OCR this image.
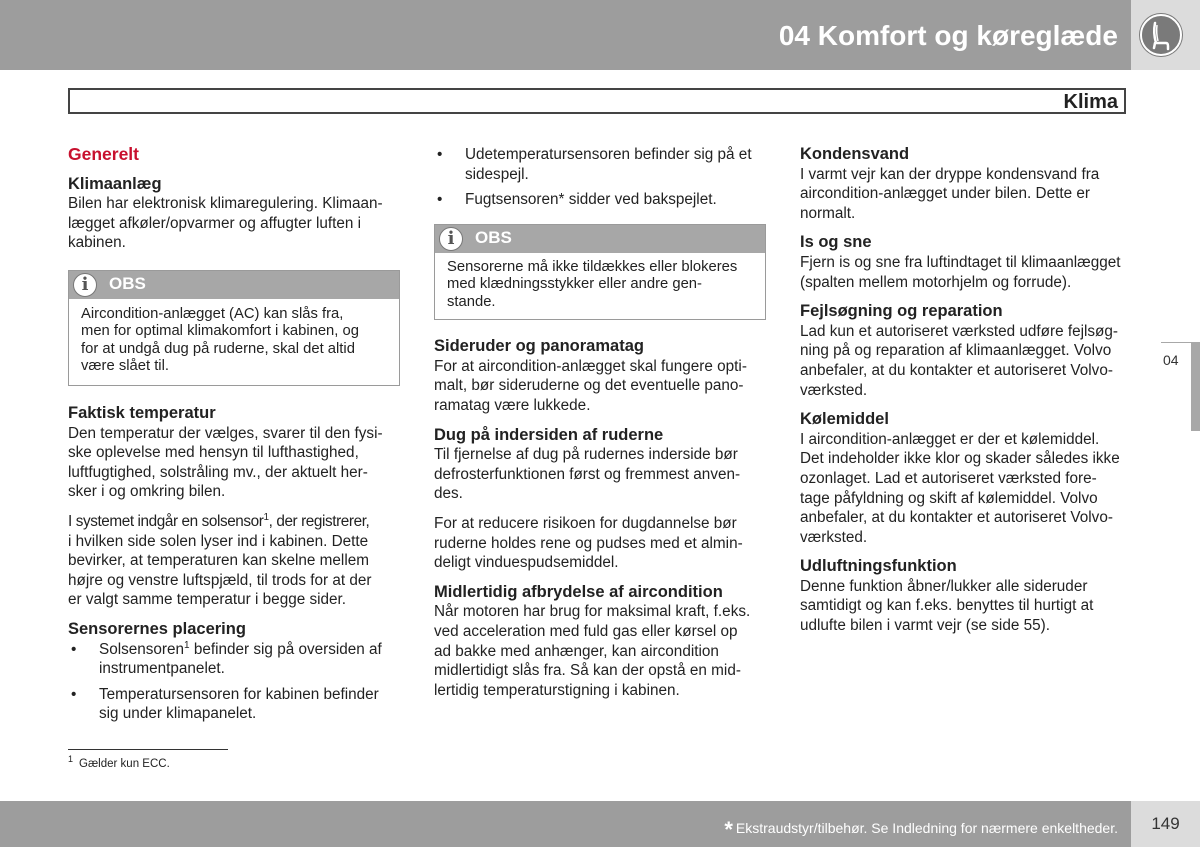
04 Komfort og køreglæde
Klima

Generelt

Klimaanlæg

Bilen har elektronisk klimaregulering. Klimaan-

lægget afkøler/opvarmer og affugter luften i

kabinen.

i	OBS

Aircondition-anlægget (AC) kan slås fra,

men for optimal klimakomfort i kabinen, og

for at undgå dug på ruderne, skal det altid

være slået til.

Faktisk temperatur

Den temperatur der vælges, svarer til den fysi-

ske oplevelse med hensyn til lufthastighed,

luftfugtighed, solstråling mv., der aktuelt her-

sker i og omkring bilen.

I systemet indgår en solsensor$^1$, der registrerer,

i hvilken side solen lyser ind i kabinen. Dette

bevirker, at temperaturen kan skelne mellem

højre og venstre luftspjæld, til trods for at der

er valgt samme temperatur i begge sider.

Sensorernes placering

•	Solsensoren$^1$ befinder sig på oversiden af

instrumentpanelet.

•	Temperatursensoren for kabinen befinder

sig under klimapanelet.

•	Udetemperatursensoren befinder sig på et

sidespejl.

•	Fugtsensoren* sidder ved bakspejlet.

i	OBS

Sensorerne må ikke tildækkes eller blokeres

med klædningsstykker eller andre gen-

stande.

Sideruder og panoramatag

For at aircondition-anlægget skal fungere opti-

malt, bør sideruderne og det eventuelle pano-

ramatag være lukkede.

Dug på indersiden af ruderne

Til fjernelse af dug på rudernes inderside bør

defrosterfunktionen først og fremmest anven-

des.

For at reducere risikoen for dugdannelse bør

ruderne holdes rene og pudses med et almin-

deligt vinduespudsemiddel.

Midlertidig afbrydelse af aircondition

Når motoren har brug for maksimal kraft, f.eks.

ved acceleration med fuld gas eller kørsel op

ad bakke med anhænger, kan aircondition

midlertidigt slås fra. Så kan der opstå en mid-

lertidig temperaturstigning i kabinen.

Kondensvand

I varmt vejr kan der dryppe kondensvand fra

aircondition-anlægget under bilen. Dette er

normalt.

Is og sne

Fjern is og sne fra luftindtaget til klimaanlægget

(spalten mellem motorhjelm og forrude).

Fejlsøgning og reparation

Lad kun et autoriseret værksted udføre fejlsøg-

ning på og reparation af klimaanlægget. Volvo

anbefaler, at du kontakter et autoriseret Volvo-

værksted.

Kølemiddel

I aircondition-anlægget er der et kølemiddel.

Det indeholder ikke klor og skader således ikke

ozonlaget. Lad et autoriseret værksted fore-

tage påfyldning og skift af kølemiddel. Volvo

anbefaler, at du kontakter et autoriseret Volvo-

værksted.

Udluftningsfunktion

Denne funktion åbner/lukker alle sideruder

samtidigt og kan f.eks. benyttes til hurtigt at

udlufte bilen i varmt vejr (se side 55).

04
$^1$ Gælder kun ECC.
* Ekstraudstyr/tilbehør. Se Indledning for nærmere enkeltheder.	149
